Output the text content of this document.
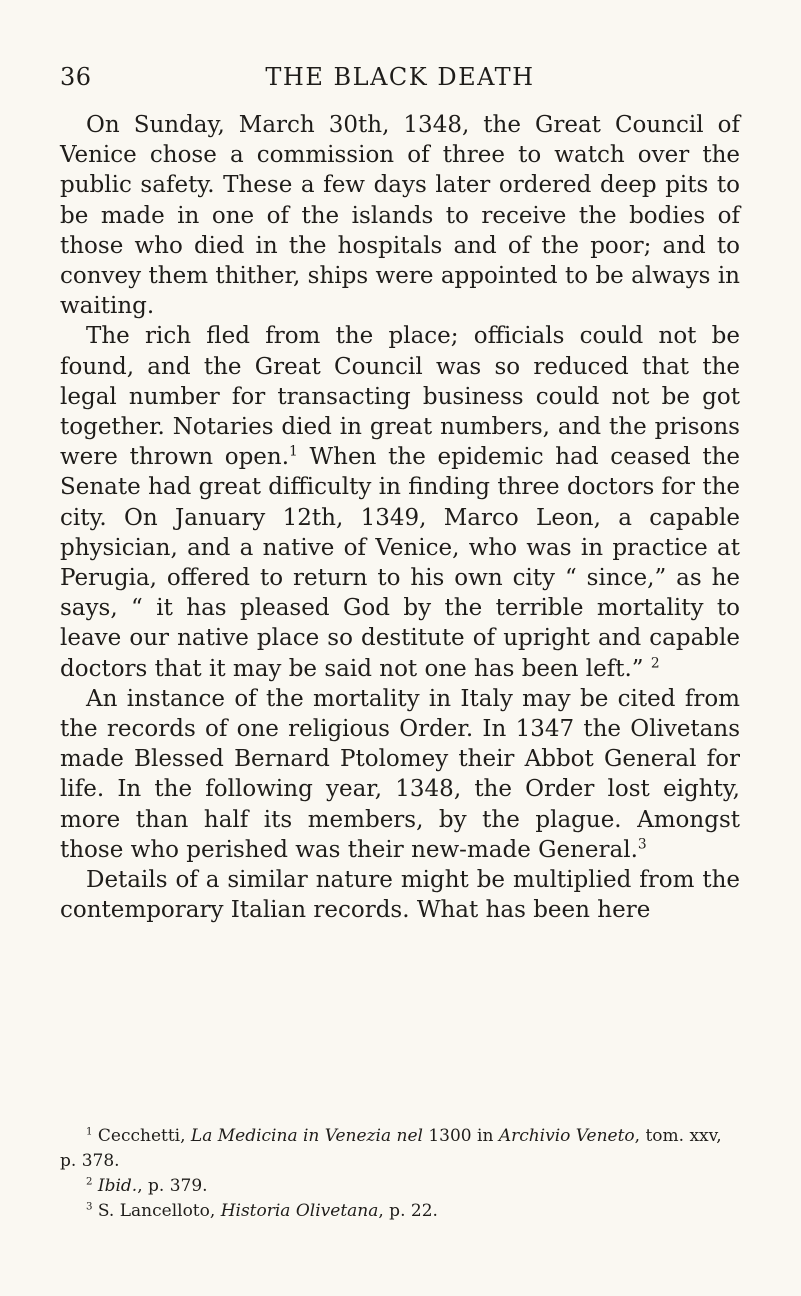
36	THE BLACK DEATH

On Sunday, March 30th, 1348, the Great Council of Venice chose a commission of three to watch over the public safety. These a few days later ordered deep pits to be made in one of the islands to receive the bodies of those who died in the hospitals and of the poor; and to convey them thither, ships were appointed to be always in waiting.

The rich fled from the place; officials could not be found, and the Great Council was so reduced that the legal number for transacting business could not be got together. Notaries died in great numbers, and the prisons were thrown open.$^1$ When the epidemic had ceased the Senate had great difficulty in finding three doctors for the city. On January 12th, 1349, Marco Leon, a capable physician, and a native of Venice, who was in practice at Perugia, offered to return to his own city “ since,” as he says, “ it has pleased God by the terrible mortality to leave our native place so destitute of upright and capable doctors that it may be said not one has been left.” $^2$

An instance of the mortality in Italy may be cited from the records of one religious Order. In 1347 the Olivetans made Blessed Bernard Ptolomey their Abbot General for life. In the following year, 1348, the Order lost eighty, more than half its members, by the plague. Amongst those who perished was their new-made General.$^3$

Details of a similar nature might be multiplied from the contemporary Italian records. What has been here

$^1$ Cecchetti, La Medicina in Venezia nel 1300 in Archivio Veneto, tom. xxv, p. 378.

$^2$ Ibid., p. 379.

$^3$ S. Lancelloto, Historia Olivetana, p. 22.
